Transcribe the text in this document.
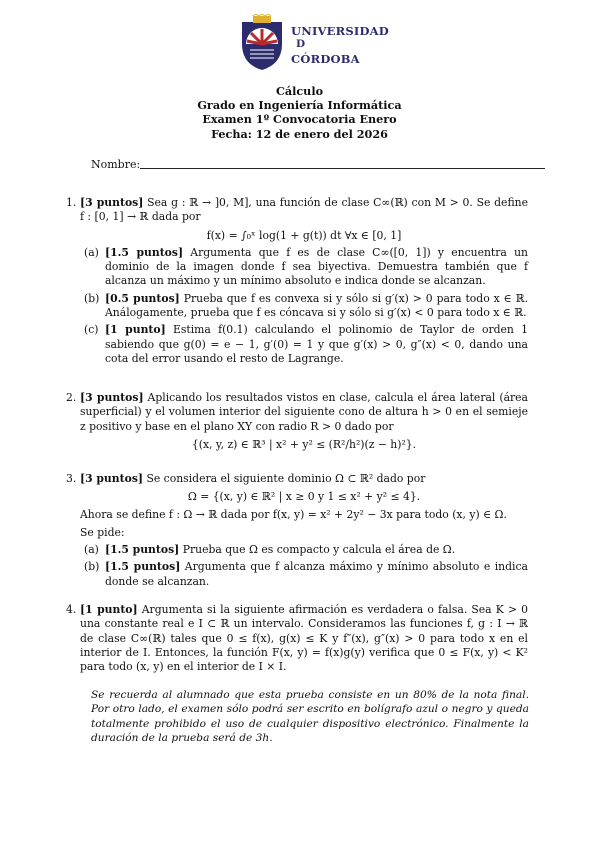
UNIVERSIDAD
D
CÓRDOBA
Cálculo
Grado en Ingeniería Informática
Examen 1º Convocatoria Enero
Fecha: 12 de enero del 2026
Nombre:
1. [3 puntos] Sea g : ℝ → ]0, M], una función de clase C∞(ℝ) con M > 0. Se define f : [0, 1] → ℝ dada por
f(x) = ∫₀ˣ log(1 + g(t)) dt ∀x ∈ [0, 1]
(a) [1.5 puntos] Argumenta que f es de clase C∞([0, 1]) y encuentra un dominio de la imagen donde f sea biyectiva. Demuestra también que f alcanza un máximo y un mínimo absoluto e indica donde se alcanzan.
(b) [0.5 puntos] Prueba que f es convexa si y sólo si g′(x) > 0 para todo x ∈ ℝ. Análogamente, prueba que f es cóncava si y sólo si g′(x) < 0 para todo x ∈ ℝ.
(c) [1 punto] Estima f(0.1) calculando el polinomio de Taylor de orden 1 sabiendo que g(0) = e − 1, g′(0) = 1 y que g′(x) > 0, g″(x) < 0, dando una cota del error usando el resto de Lagrange.
2. [3 puntos] Aplicando los resultados vistos en clase, calcula el área lateral (área superficial) y el volumen interior del siguiente cono de altura h > 0 en el semieje z positivo y base en el plano XY con radio R > 0 dado por
{(x, y, z) ∈ ℝ³ | x² + y² ≤ (R²/h²)(z − h)²}.
3. [3 puntos] Se considera el siguiente dominio Ω ⊂ ℝ² dado por
Ω = {(x, y) ∈ ℝ² | x ≥ 0 y 1 ≤ x² + y² ≤ 4}.
Ahora se define f : Ω → ℝ dada por f(x, y) = x² + 2y² − 3x para todo (x, y) ∈ Ω.
Se pide:
(a) [1.5 puntos] Prueba que Ω es compacto y calcula el área de Ω.
(b) [1.5 puntos] Argumenta que f alcanza máximo y mínimo absoluto e indica donde se alcanzan.
4. [1 punto] Argumenta si la siguiente afirmación es verdadera o falsa. Sea K > 0 una constante real e I ⊂ ℝ un intervalo. Consideramos las funciones f, g : I → ℝ de clase C∞(ℝ) tales que 0 ≤ f(x), g(x) ≤ K y f″(x), g″(x) > 0 para todo x en el interior de I. Entonces, la función F(x, y) = f(x)g(y) verifica que 0 ≤ F(x, y) < K² para todo (x, y) en el interior de I × I.
Se recuerda al alumnado que esta prueba consiste en un 80% de la nota final. Por otro lado, el examen sólo podrá ser escrito en bolígrafo azul o negro y queda totalmente prohibido el uso de cualquier dispositivo electrónico. Finalmente la duración de la prueba será de 3h.
